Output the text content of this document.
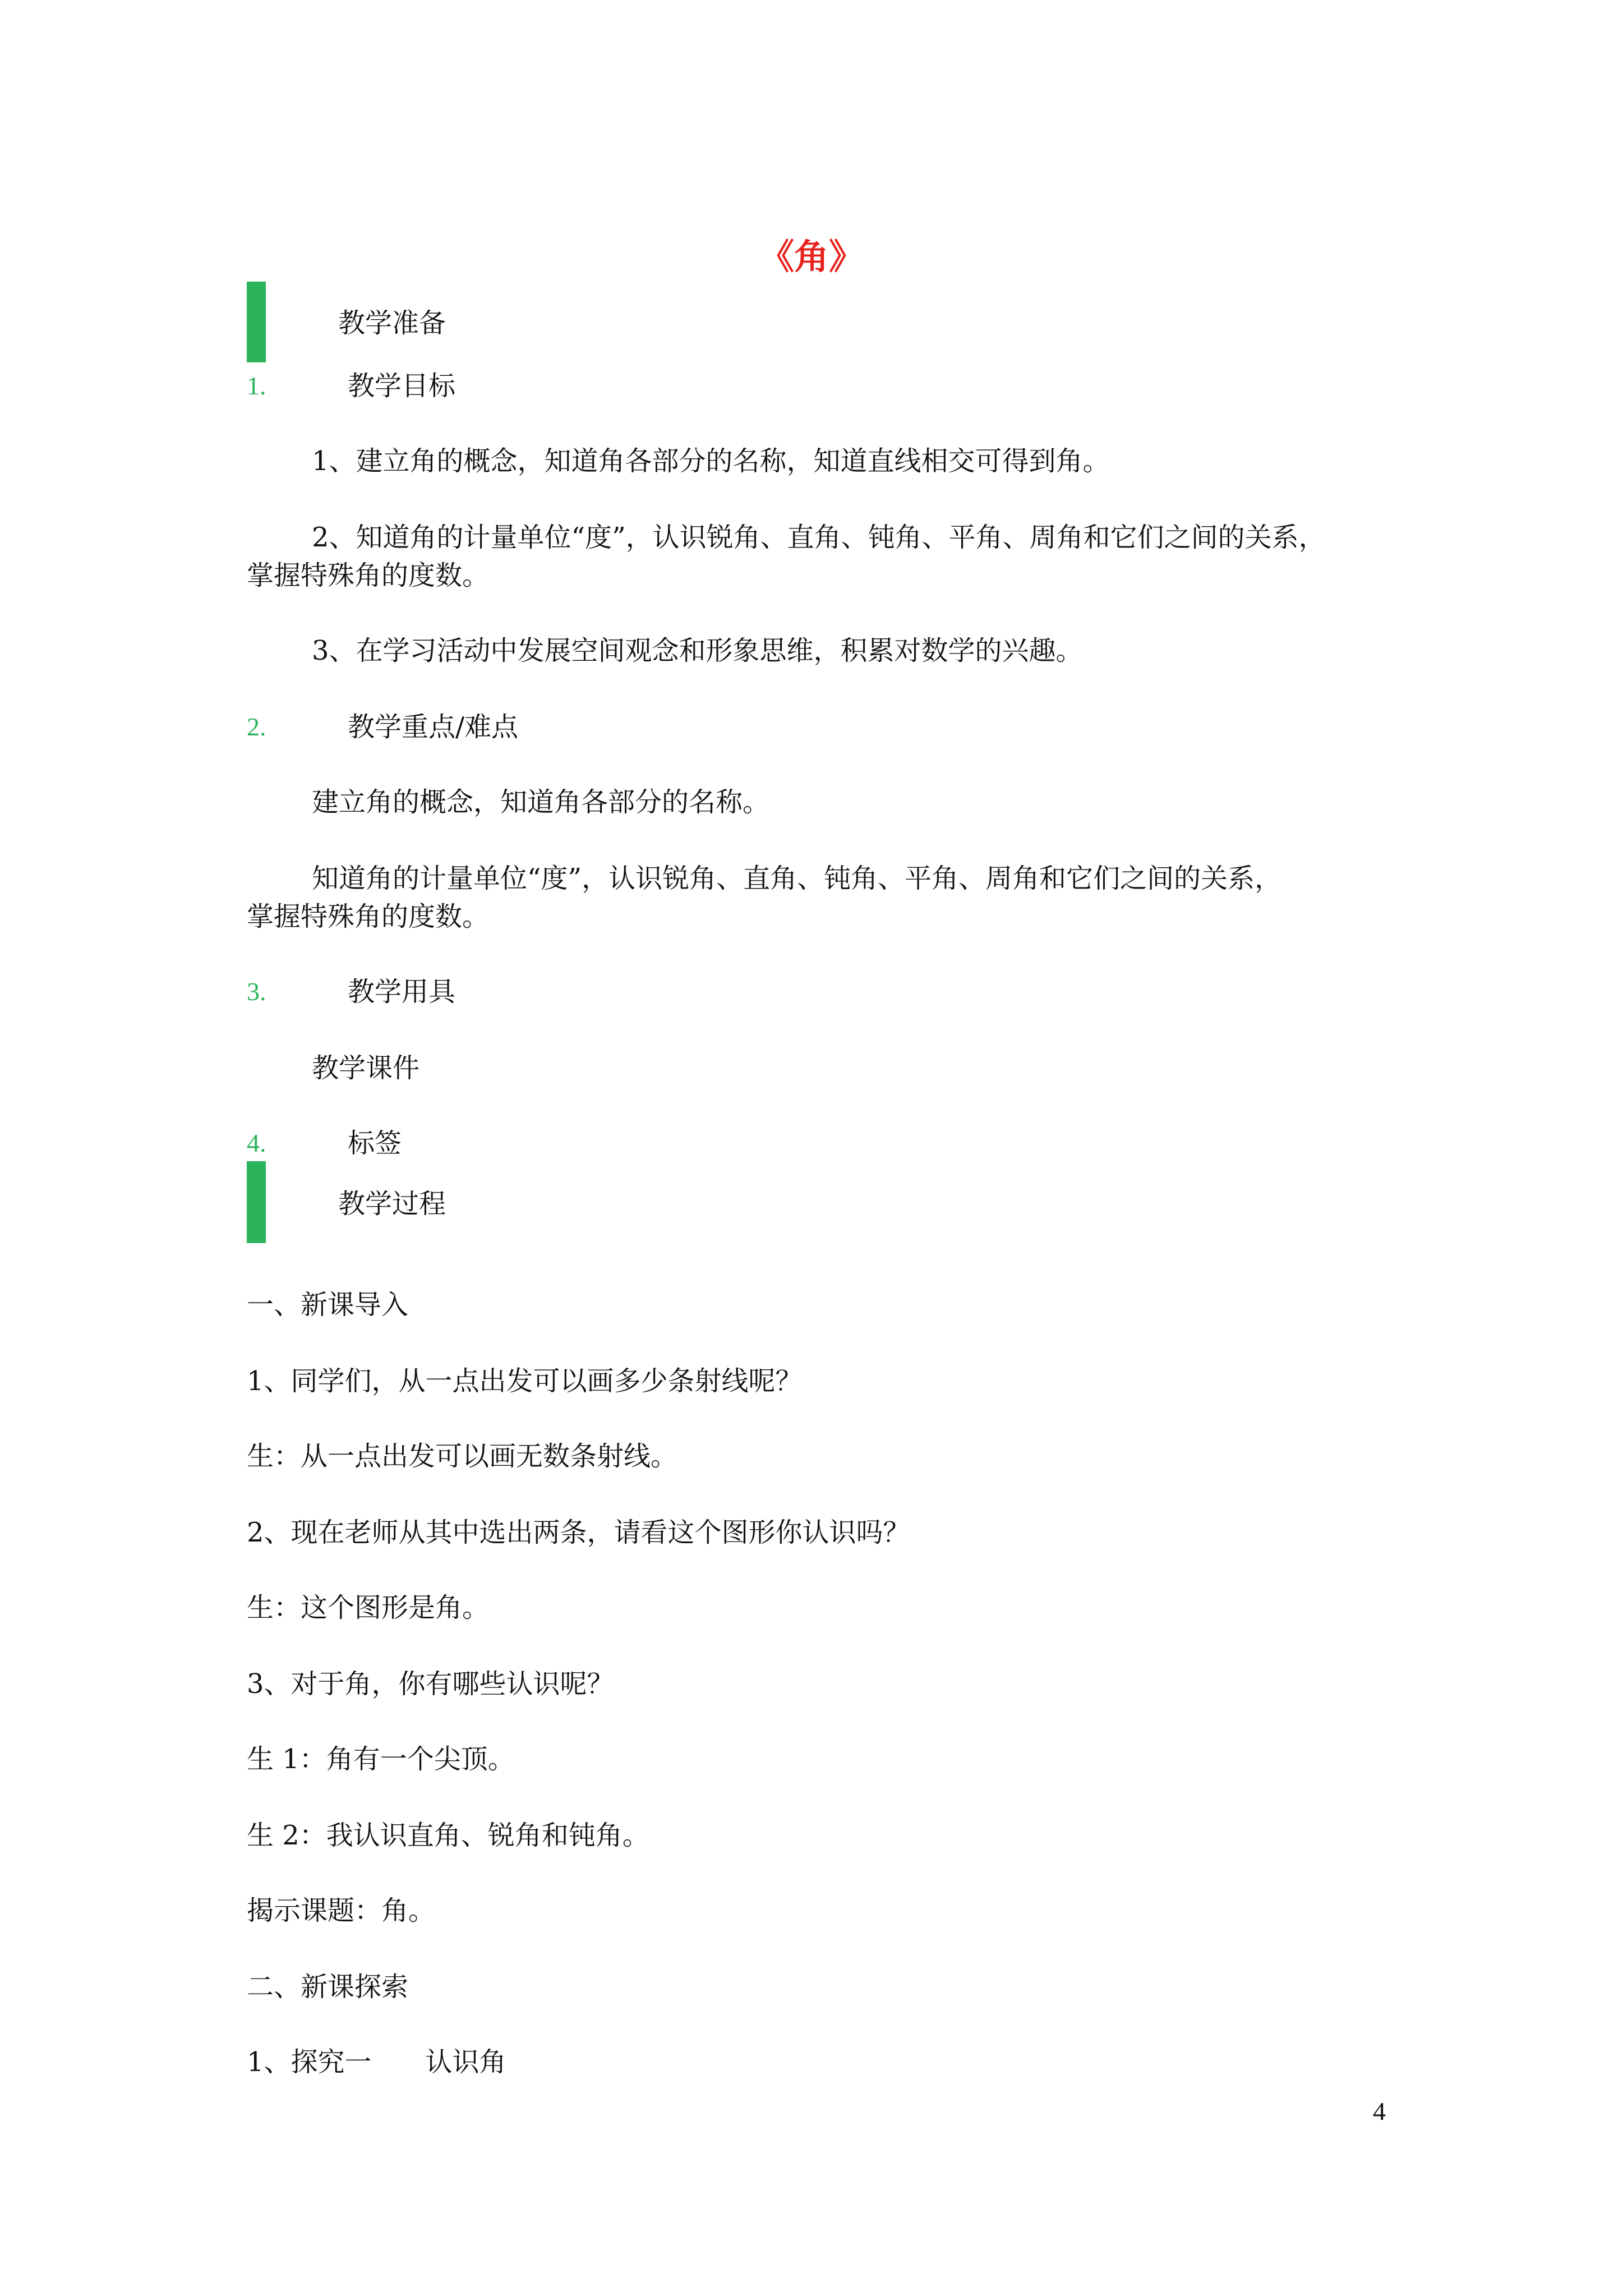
《角》
教学准备
1.	教学目标
1、建立角的概念，知道角各部分的名称，知道直线相交可得到角。
2、知道角的计量单位“度”，认识锐角、直角、钝角、平角、周角和它们之间的关系，
掌握特殊角的度数。
3、在学习活动中发展空间观念和形象思维，积累对数学的兴趣。
2.	教学重点/难点
建立角的概念，知道角各部分的名称。
知道角的计量单位“度”，认识锐角、直角、钝角、平角、周角和它们之间的关系，
掌握特殊角的度数。
3.	教学用具
教学课件
4.	标签
教学过程
一、新课导入
1、同学们，从一点出发可以画多少条射线呢？
生：从一点出发可以画无数条射线。
2、现在老师从其中选出两条，请看这个图形你认识吗？
生：这个图形是角。
3、对于角，你有哪些认识呢？
生 1：角有一个尖顶。
生 2：我认识直角、锐角和钝角。
揭示课题：角。
二、新课探索
1、探究一　　认识角
4
